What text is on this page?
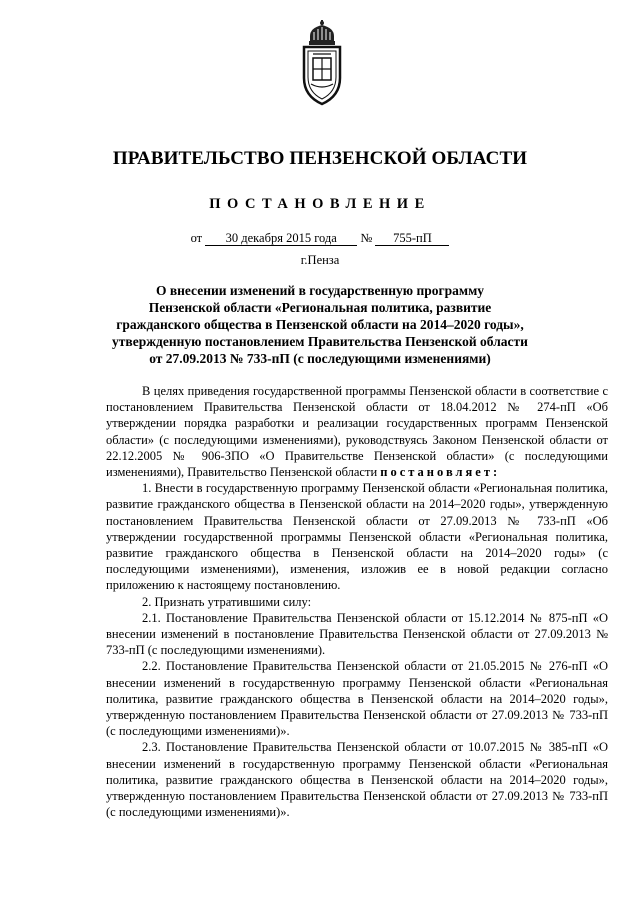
ПРАВИТЕЛЬСТВО ПЕНЗЕНСКОЙ ОБЛАСТИ
ПОСТАНОВЛЕНИЕ
от 30 декабря 2015 года № 755-пП
г.Пенза
О внесении изменений в государственную программу
Пензенской области «Региональная политика, развитие
гражданского общества в Пензенской области на 2014–2020 годы»,
утвержденную постановлением Правительства Пензенской области
от 27.09.2013 № 733-пП (с последующими изменениями)

В целях приведения государственной программы Пензенской области в соответствие с постановлением Правительства Пензенской области от 18.04.2012 № 274-пП «Об утверждении порядка разработки и реализации государственных программ Пензенской области» (с последующими изменениями), руководствуясь Законом Пензенской области от 22.12.2005 № 906-ЗПО «О Правительстве Пензенской области» (с последующими изменениями), Правительство Пензенской области постановляет:

1. Внести в государственную программу Пензенской области «Региональная политика, развитие гражданского общества в Пензенской области на 2014–2020 годы», утвержденную постановлением Правительства Пензенской области от 27.09.2013 № 733-пП «Об утверждении государственной программы Пензенской области «Региональная политика, развитие гражданского общества в Пензенской области на 2014–2020 годы» (с последующими изменениями), изменения, изложив ее в новой редакции согласно приложению к настоящему постановлению.

2. Признать утратившими силу:

2.1. Постановление Правительства Пензенской области от 15.12.2014 № 875-пП «О внесении изменений в постановление Правительства Пензенской области от 27.09.2013 № 733-пП (с последующими изменениями).

2.2. Постановление Правительства Пензенской области от 21.05.2015 № 276-пП «О внесении изменений в государственную программу Пензенской области «Региональная политика, развитие гражданского общества в Пензенской области на 2014–2020 годы», утвержденную постановлением Правительства Пензенской области от 27.09.2013 № 733-пП (с последующими изменениями)».

2.3. Постановление Правительства Пензенской области от 10.07.2015 № 385-пП «О внесении изменений в государственную программу Пензенской области «Региональная политика, развитие гражданского общества в Пензенской области на 2014–2020 годы», утвержденную постановлением Правительства Пензенской области от 27.09.2013 № 733-пП (с последующими изменениями)».
